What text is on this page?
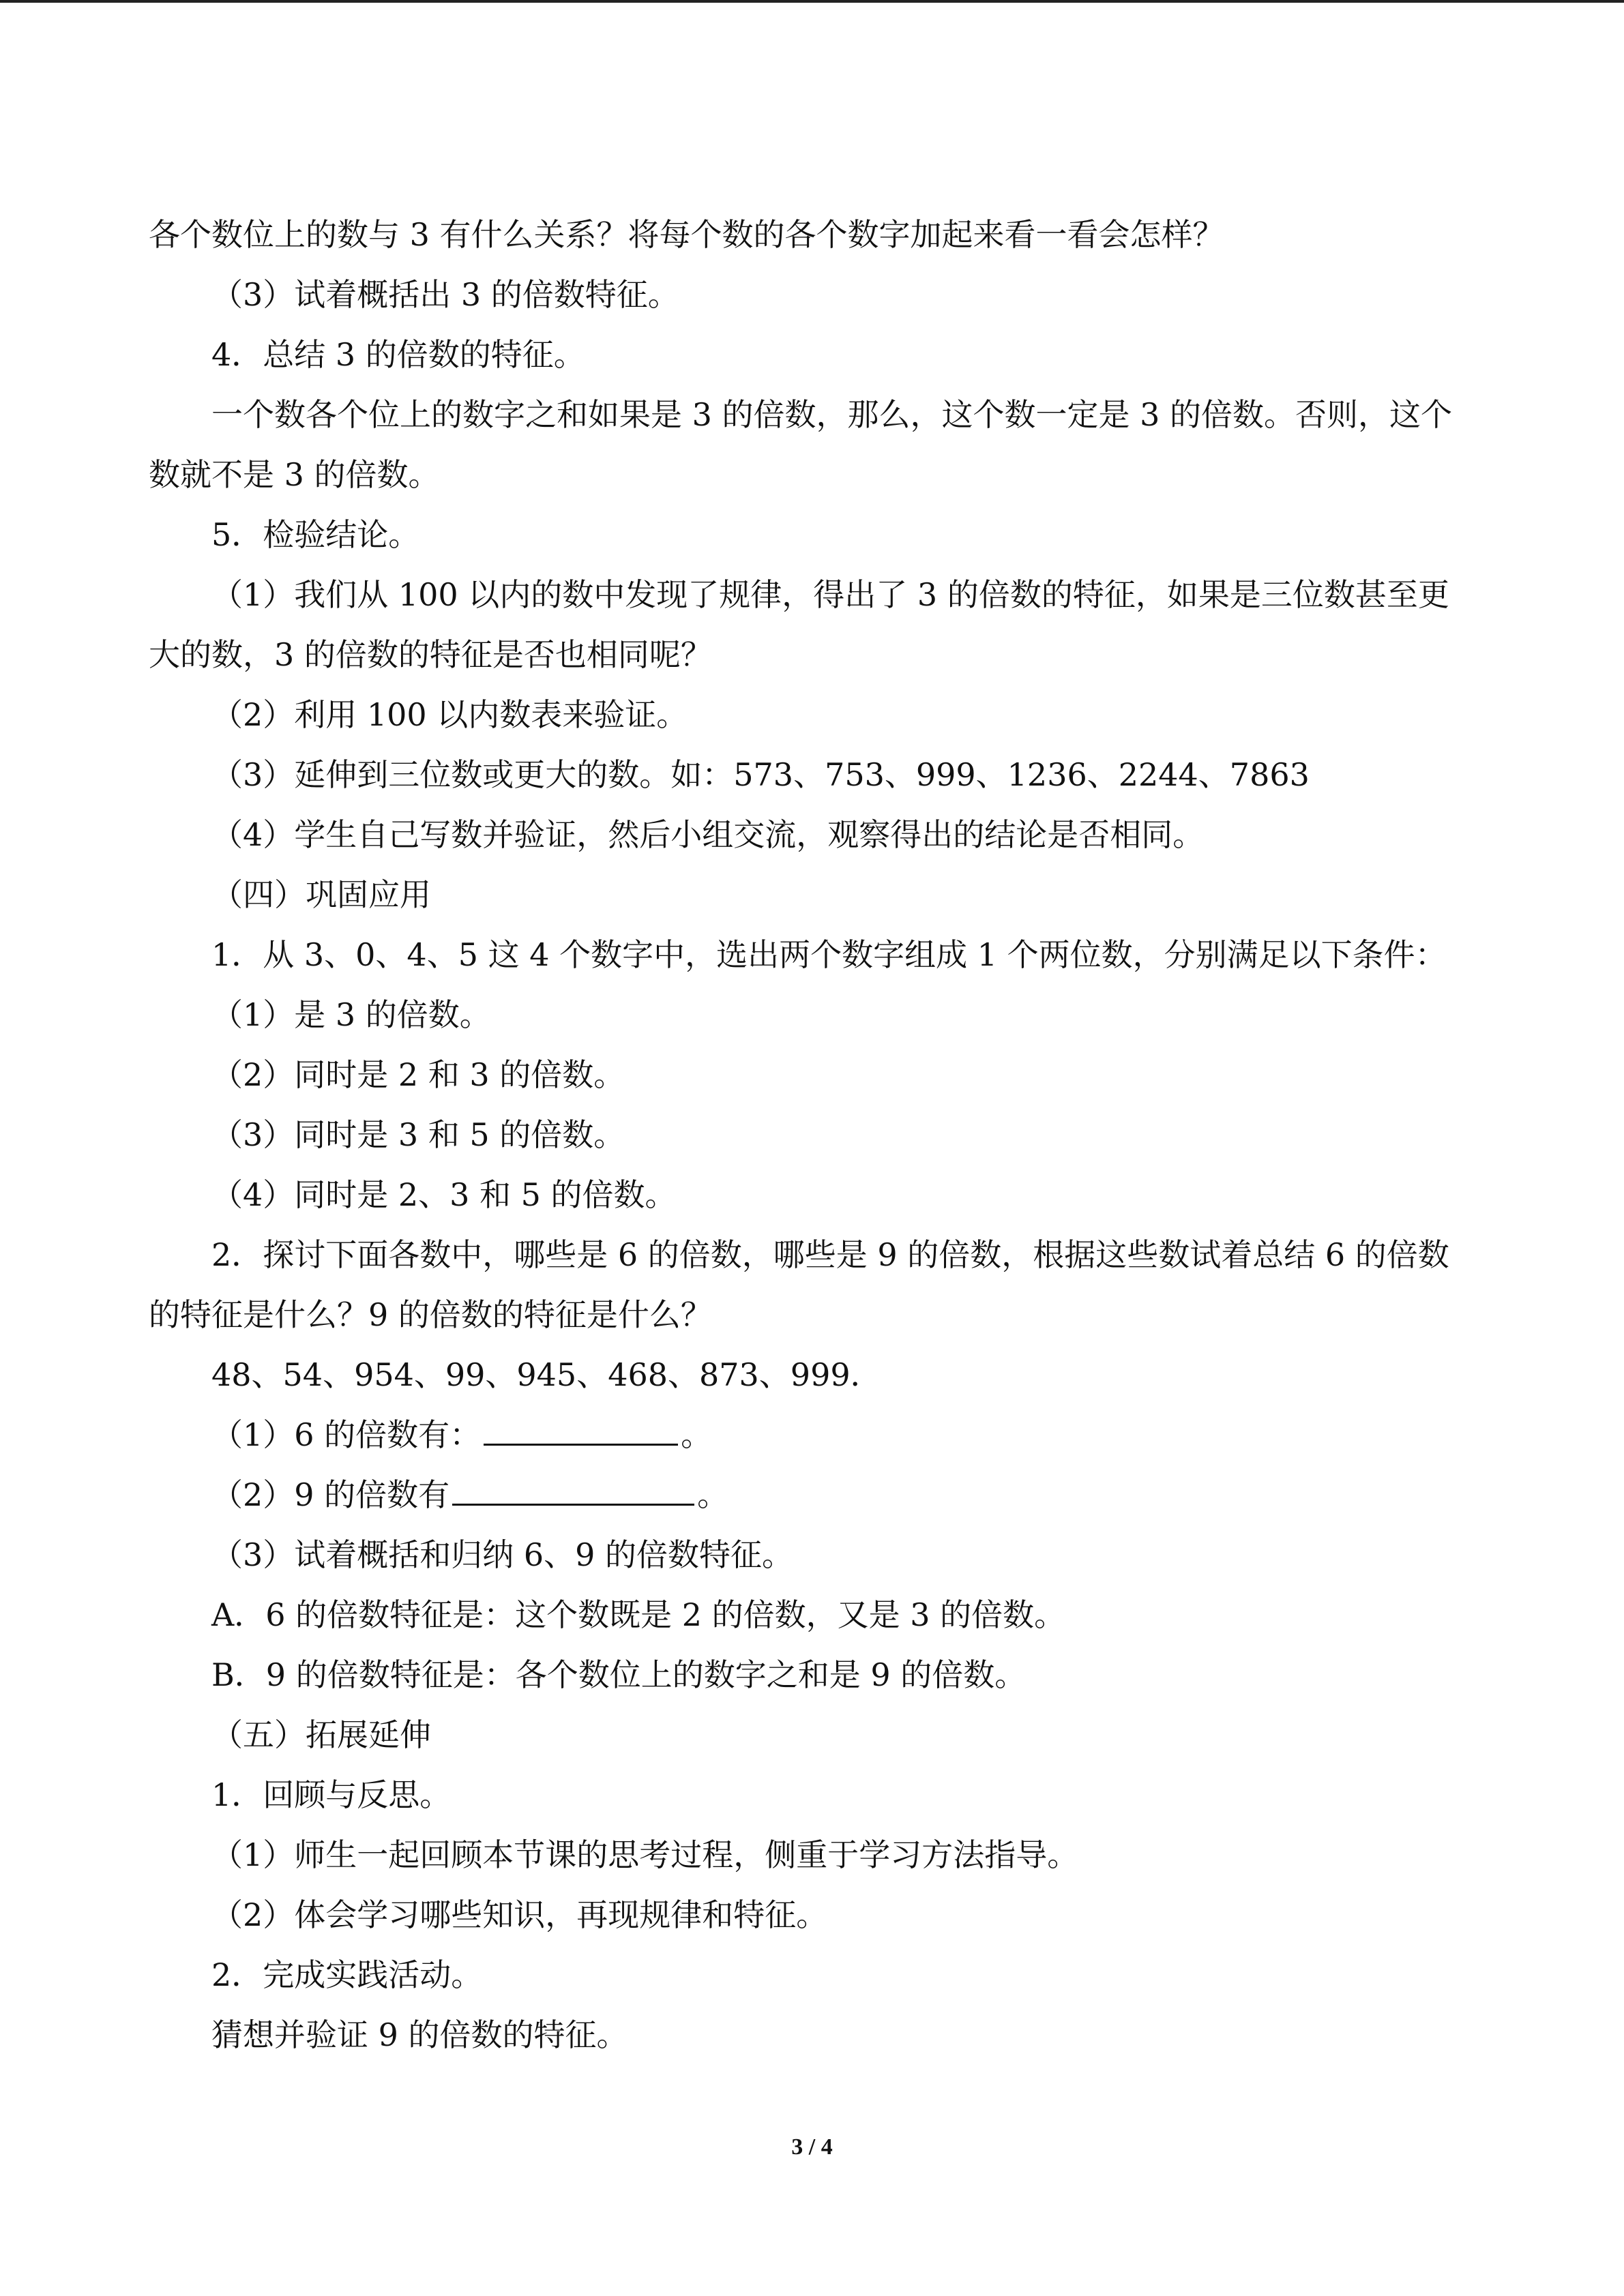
各个数位上的数与 3 有什么关系？将每个数的各个数字加起来看一看会怎样？

（3）试着概括出 3 的倍数特征。

4．总结 3 的倍数的特征。

一个数各个位上的数字之和如果是 3 的倍数，那么，这个数一定是 3 的倍数。否则，这个数就不是 3 的倍数。

5．检验结论。

（1）我们从 100 以内的数中发现了规律，得出了 3 的倍数的特征，如果是三位数甚至更大的数，3 的倍数的特征是否也相同呢？

（2）利用 100 以内数表来验证。

（3）延伸到三位数或更大的数。如：573、753、999、1236、2244、7863

（4）学生自己写数并验证，然后小组交流，观察得出的结论是否相同。

（四）巩固应用

1．从 3、0、4、5 这 4 个数字中，选出两个数字组成 1 个两位数，分别满足以下条件：

（1）是 3 的倍数。

（2）同时是 2 和 3 的倍数。

（3）同时是 3 和 5 的倍数。

（4）同时是 2、3 和 5 的倍数。

2．探讨下面各数中，哪些是 6 的倍数，哪些是 9 的倍数，根据这些数试着总结 6 的倍数的特征是什么？9 的倍数的特征是什么？

48、54、954、99、945、468、873、999．

（1）6 的倍数有：	。

（2）9 的倍数有	。

（3）试着概括和归纳 6、9 的倍数特征。

A．6 的倍数特征是：这个数既是 2 的倍数，又是 3 的倍数。

B．9 的倍数特征是：各个数位上的数字之和是 9 的倍数。

（五）拓展延伸

1．回顾与反思。

（1）师生一起回顾本节课的思考过程，侧重于学习方法指导。

（2）体会学习哪些知识，再现规律和特征。

2．完成实践活动。

猜想并验证 9 的倍数的特征。

3 / 4
